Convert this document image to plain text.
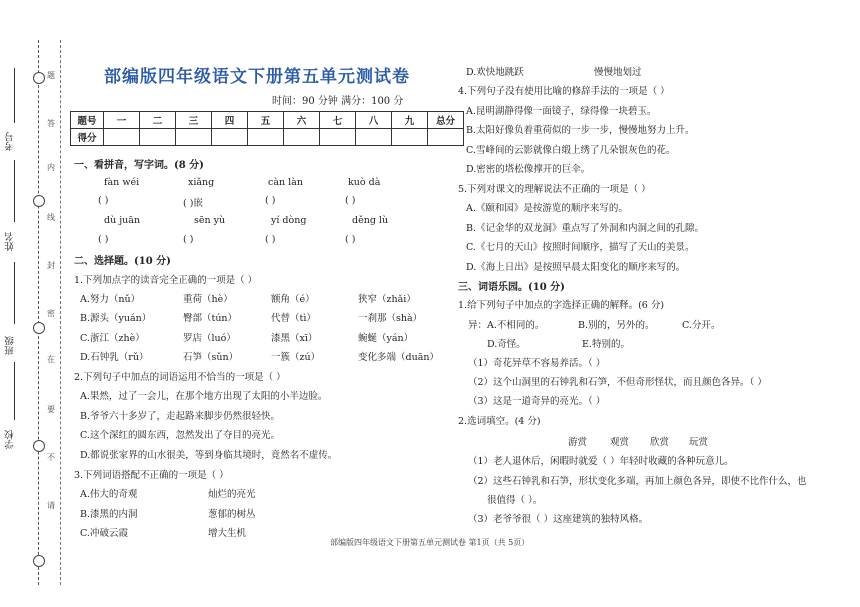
题
答
内
线
封
密
在
要
不
请
考号
姓名
班级
学校
部编版四年级语文下册第五单元测试卷
时间：90 分钟 满分：100 分
题号	一	二	三	四	五	六	七	八	九	总分
得分										
一、看拼音，写字词。(8 分)
fàn wéi	xiǎng	càn làn	kuò dà
( )	( )嵌	( )	( )
dù juān	sēn yù	yí dòng	děng lù
( )	( )	( )	( )
二、选择题。(10 分)
1.下列加点字的读音完全正确的一项是（ ）
A.努力（nǔ）	重荷（hè）	额角（é）	狭窄（zhǎi）
B.源头（yuán）	臀部（tún）	代替（tì）	一刹那（shà）
C.浙江（zhè）	罗店（luó）	漆黑（xī）	蜿蜒（yán）
D.石钟乳（rǔ）	石笋（sǔn）	一簇（zú）	变化多端（duān）
2.下列句子中加点的词语运用不恰当的一项是（ ）
A.果然，过了一会儿，在那个地方出现了太阳的小半边脸。
B.爷爷六十多岁了，走起路来脚步仍然很轻快。
C.这个深红的圆东西，忽然发出了夺目的亮光。
D.都说张家界的山水很美，等到身临其境时，竟然名不虚传。
3.下列词语搭配不正确的一项是（ ）
A.伟大的奇观	灿烂的亮光
B.漆黑的内洞	葱郁的树丛
C.冲破云霞	增大生机
D.欢快地跳跃	慢慢地划过
4.下列句子没有使用比喻的修辞手法的一项是（ ）
A.昆明湖静得像一面镜子，绿得像一块碧玉。
B.太阳好像负着重荷似的一步一步，慢慢地努力上升。
C.雪峰间的云影就像白缎上绣了几朵银灰色的花。
D.密密的塔松像撑开的巨伞。
5.下列对课文的理解说法不正确的一项是（ ）
A.《颐和园》是按游览的顺序来写的。
B.《记金华的双龙洞》重点写了外洞和内洞之间的孔隙。
C.《七月的天山》按照时间顺序，描写了天山的美景。
D.《海上日出》是按照早晨太阳变化的顺序来写的。
三、词语乐园。(10 分)
1.给下列句子中加点的字选择正确的解释。(6 分)
异：A.不相同的。	B.别的，另外的。	C.分开。
D.奇怪。	E.特别的。
（1）奇花异草不容易养活。（ ）
（2）这个山洞里的石钟乳和石笋，不但奇形怪状，而且颜色各异。（ ）
（3）这是一道奇异的亮光。（ ）
2.选词填空。(4 分)
游赏 观赏 欣赏 玩赏
（1）老人退休后，闲暇时就爱（ ）年轻时收藏的各种玩意儿。
（2）这些石钟乳和石笋，形状变化多端，再加上颜色各异，即使不比作什么，也
很值得（ ）。
（3）老爷爷很（ ）这座建筑的独特风格。
部编版四年级语文下册第五单元测试卷 第1页（共 5页）
